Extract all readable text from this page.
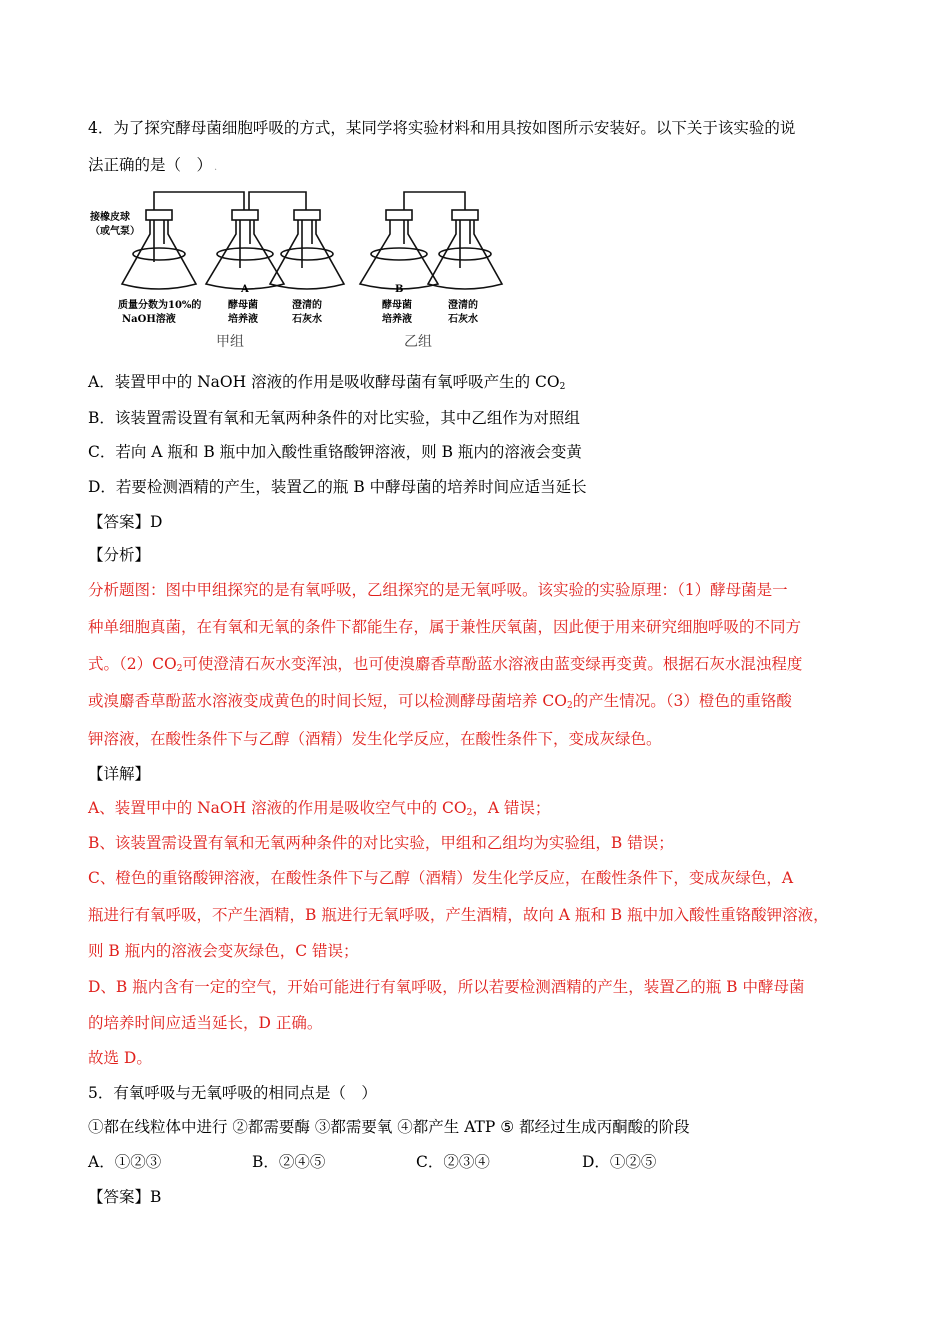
4．为了探究酵母菌细胞呼吸的方式，某同学将实验材料和用具按如图所示安装好。以下关于该实验的说
法正确的是（　） .
接橡皮球
（或气泵）
A	B
质量分数为10%的
NaOH溶液
酵母菌
培养液
澄清的
石灰水
酵母菌
培养液
澄清的
石灰水
甲组	乙组
A．装置甲中的 NaOH 溶液的作用是吸收酵母菌有氧呼吸产生的 $CO_2$
B．该装置需设置有氧和无氧两种条件的对比实验，其中乙组作为对照组
C．若向 A 瓶和 B 瓶中加入酸性重铬酸钾溶液，则 B 瓶内的溶液会变黄
D．若要检测酒精的产生，装置乙的瓶 B 中酵母菌的培养时间应适当延长
【答案】D
【分析】
分析题图：图中甲组探究的是有氧呼吸，乙组探究的是无氧呼吸。该实验的实验原理：（1）酵母菌是一
种单细胞真菌，在有氧和无氧的条件下都能生存，属于兼性厌氧菌，因此便于用来研究细胞呼吸的不同方
式。$(2)CO_2$可使澄清石灰水变浑浊，也可使溴麝香草酚蓝水溶液由蓝变绿再变黄。根据石灰水混浊程度
或溴麝香草酚蓝水溶液变成黄色的时间长短，可以检测酵母菌培养 $CO_2$的产生情况。（3）橙色的重铬酸
钾溶液，在酸性条件下与乙醇（酒精）发生化学反应，在酸性条件下，变成灰绿色。
【详解】
A、装置甲中的 NaOH 溶液的作用是吸收空气中的 $CO_2$，A 错误；
B、该装置需设置有氧和无氧两种条件的对比实验，甲组和乙组均为实验组，B 错误；
C、橙色的重铬酸钾溶液，在酸性条件下与乙醇（酒精）发生化学反应，在酸性条件下，变成灰绿色，A
瓶进行有氧呼吸，不产生酒精，B 瓶进行无氧呼吸，产生酒精，故向 A 瓶和 B 瓶中加入酸性重铬酸钾溶液，
则 B 瓶内的溶液会变灰绿色，C 错误；
D、B 瓶内含有一定的空气，开始可能进行有氧呼吸，所以若要检测酒精的产生，装置乙的瓶 B 中酵母菌
的培养时间应适当延长，D 正确。
故选 D。
5．有氧呼吸与无氧呼吸的相同点是（　）
①都在线粒体中进行 ②都需要酶 ③都需要氧 ④都产生 ATP ⑤ 都经过生成丙酮酸的阶段
A．①②③	B．②④⑤	C．②③④	D．①②⑤
【答案】B
